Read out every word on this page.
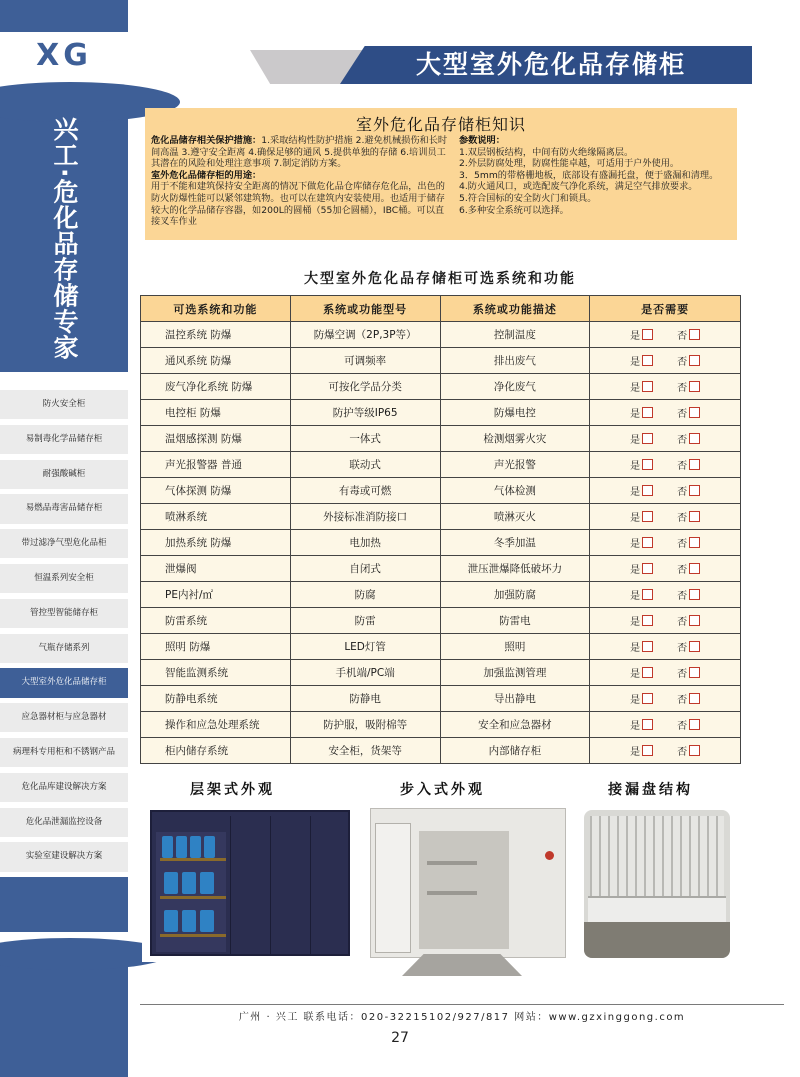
XG
兴工·危化品存储专家
防火安全柜
易制毒化学品储存柜
耐强酸碱柜
易燃品毒害品储存柜
带过滤净气型危化品柜
恒温系列安全柜
管控型智能储存柜
气瓶存储系列
大型室外危化品储存柜
应急器材柜与应急器材
病理科专用柜和不锈钢产品
危化品库建设解决方案
危化品泄漏监控设备
实验室建设解决方案
大型室外危化品存储柜
室外危化品存储柜知识

危化品储存相关保护措施：1.采取结构性防护措施 2.避免机械损伤和长时间高温 3.遵守安全距离 4.确保足够的通风 5.提供单独的存储 6.培训员工其潜在的风险和处理注意事项 7.制定消防方案。

室外危化品储存柜的用途：

用于不能和建筑保持安全距离的情况下做危化品仓库储存危化品，出色的防火防爆性能可以紧邻建筑物。也可以在建筑内安装使用。也适用于储存较大的化学品储存容器，如200L的圆桶（55加仑圆桶），IBC桶。可以直接叉车作业

参数说明：

1.双层钢板结构，中间有防火绝缘隔离层。

2.外层防腐处理，防腐性能卓越，可适用于户外使用。

3．5mm的带格栅地板，底部设有盛漏托盘，便于盛漏和清理。

4.防火通风口，或选配废气净化系统，满足空气排放要求。

5.符合国标的安全防火门和锁具。

6.多种安全系统可以选择。

大型室外危化品存储柜可选系统和功能
可选系统和功能	系统或功能型号	系统或功能描述	是否需要
温控系统 防爆	防爆空调（2P,3P等）	控制温度	是 否

通风系统 防爆	可调频率	排出废气	是 否

废气净化系统 防爆	可按化学品分类	净化废气	是 否

电控柜 防爆	防护等级IP65	防爆电控	是 否

温烟感探测 防爆	一体式	检测烟雾火灾	是 否

声光报警器 普通	联动式	声光报警	是 否

气体探测 防爆	有毒或可燃	气体检测	是 否

喷淋系统	外接标准消防接口	喷淋灭火	是 否

加热系统 防爆	电加热	冬季加温	是 否

泄爆阀	自闭式	泄压泄爆降低破坏力	是 否

PE内衬/㎡	防腐	加强防腐	是 否

防雷系统	防雷	防雷电	是 否

照明 防爆	LED灯管	照明	是 否

智能监测系统	手机端/PC端	加强监测管理	是 否

防静电系统	防静电	导出静电	是 否

操作和应急处理系统	防护服，吸附棉等	安全和应急器材	是 否

柜内储存系统	安全柜，货架等	内部储存柜	是 否
层架式外观	步入式外观	接漏盘结构
广州 · 兴工 联系电话：020-32215102/927/817 网站：www.gzxinggong.com
27
